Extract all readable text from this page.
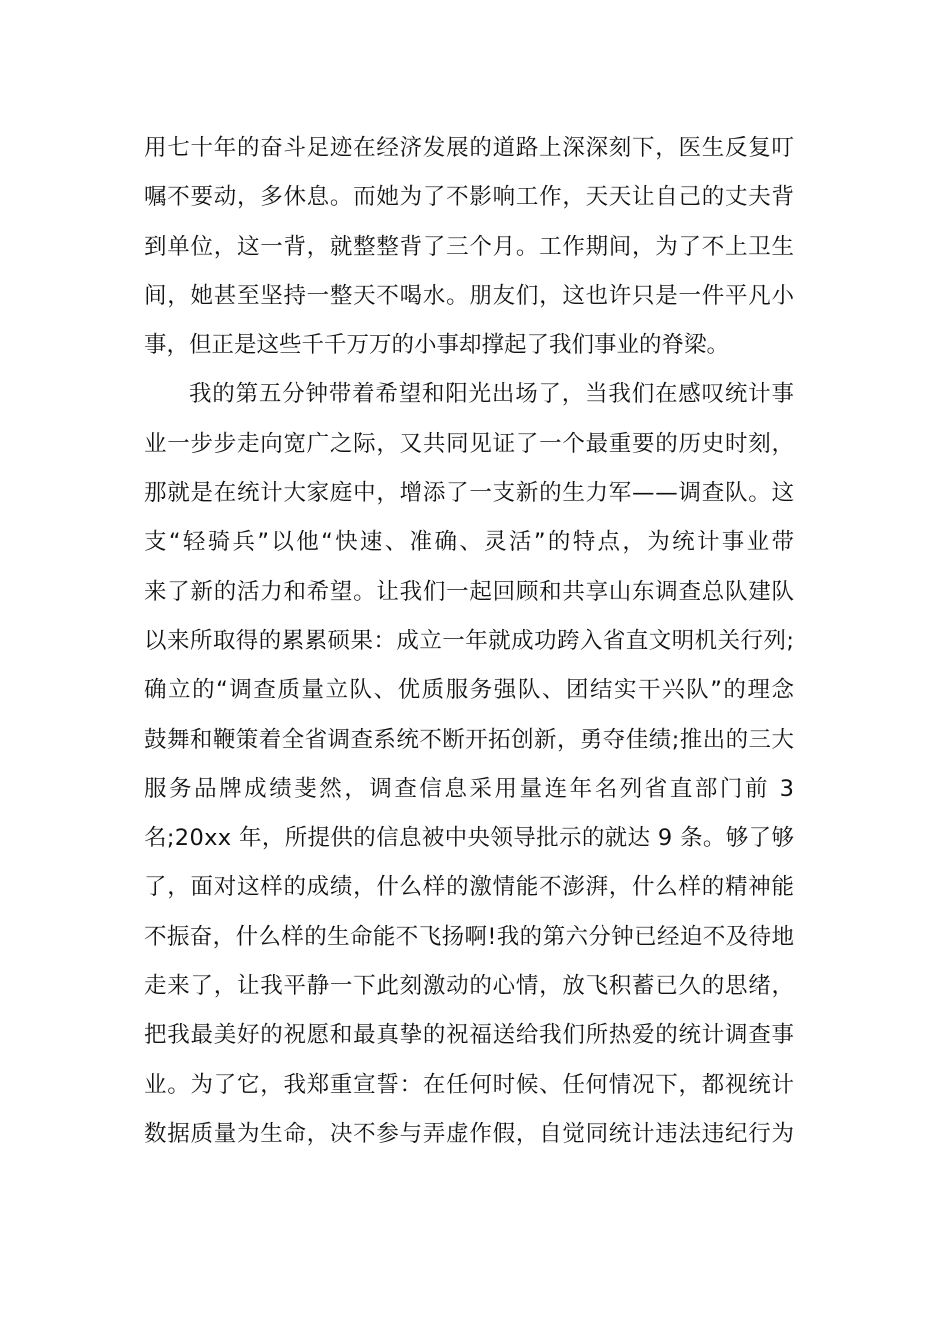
用七十年的奋斗足迹在经济发展的道路上深深刻下，医生反复叮
嘱不要动，多休息。而她为了不影响工作，天天让自己的丈夫背
到单位，这一背，就整整背了三个月。工作期间，为了不上卫生
间，她甚至坚持一整天不喝水。朋友们，这也许只是一件平凡小
事，但正是这些千千万万的小事却撑起了我们事业的脊梁。
我的第五分钟带着希望和阳光出场了，当我们在感叹统计事
业一步步走向宽广之际，又共同见证了一个最重要的历史时刻，
那就是在统计大家庭中，增添了一支新的生力军——调查队。这
支“轻骑兵”以他“快速、准确、灵活”的特点，为统计事业带
来了新的活力和希望。让我们一起回顾和共享山东调查总队建队
以来所取得的累累硕果：成立一年就成功跨入省直文明机关行列;
确立的“调查质量立队、优质服务强队、团结实干兴队”的理念
鼓舞和鞭策着全省调查系统不断开拓创新，勇夺佳绩;推出的三大
服务品牌成绩斐然，调查信息采用量连年名列省直部门前 3
名;20xx 年，所提供的信息被中央领导批示的就达 9 条。够了够
了，面对这样的成绩，什么样的激情能不澎湃，什么样的精神能
不振奋，什么样的生命能不飞扬啊!我的第六分钟已经迫不及待地
走来了，让我平静一下此刻激动的心情，放飞积蓄已久的思绪，
把我最美好的祝愿和最真挚的祝福送给我们所热爱的统计调查事
业。为了它，我郑重宣誓：在任何时候、任何情况下，都视统计
数据质量为生命，决不参与弄虚作假，自觉同统计违法违纪行为
